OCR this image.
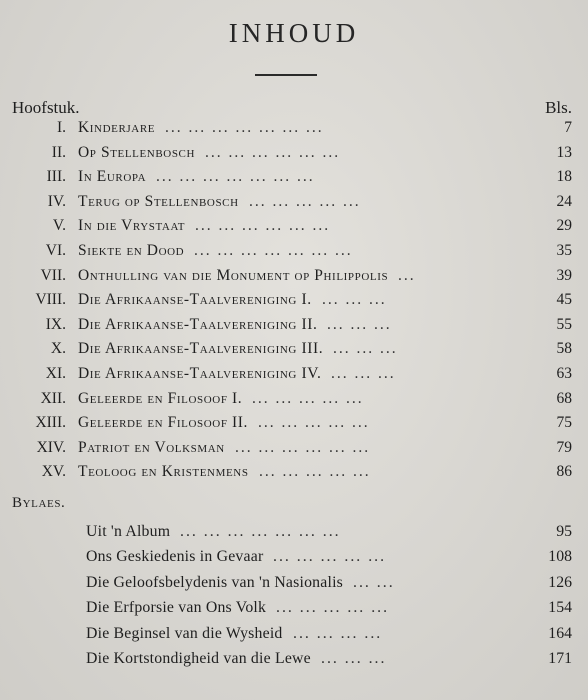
INHOUD
Hoofstuk.	Bls.
I. Kinderjare ... ... ... ... ... ... ...	7
II. Op Stellenbosch ... ... ... ... ... ...	13
III. In Europa ... ... ... ... ... ... ...	18
IV. Terug op Stellenbosch ... ... ... ... ...	24
V. In die Vrystaat ... ... ... ... ... ...	29
VI. Siekte en Dood ... ... ... ... ... ... ...	35
VII. Onthulling van die Monument op Philippolis ...	39
VIII. Die Afrikaanse-Taalvereniging I. ... ... ...	45
IX. Die Afrikaanse-Taalvereniging II. ... ... ...	55
X. Die Afrikaanse-Taalvereniging III. ... ... ...	58
XI. Die Afrikaanse-Taalvereniging IV. ... ... ...	63
XII. Geleerde en Filosoof I. ... ... ... ... ...	68
XIII. Geleerde en Filosoof II. ... ... ... ... ...	75
XIV. Patriot en Volksman ... ... ... ... ... ...	79
XV. Teoloog en Kristenmens ... ... ... ... ...	86
Bylaes.
Uit 'n Album ... ... ... ... ... ... ...	95
Ons Geskiedenis in Gevaar ... ... ... ... ...	108
Die Geloofsbelydenis van 'n Nasionalis ... ...	126
Die Erfporsie van Ons Volk ... ... ... ... ...	154
Die Beginsel van die Wysheid ... ... ... ...	164
Die Kortstondigheid van die Lewe ... ... ...	171
